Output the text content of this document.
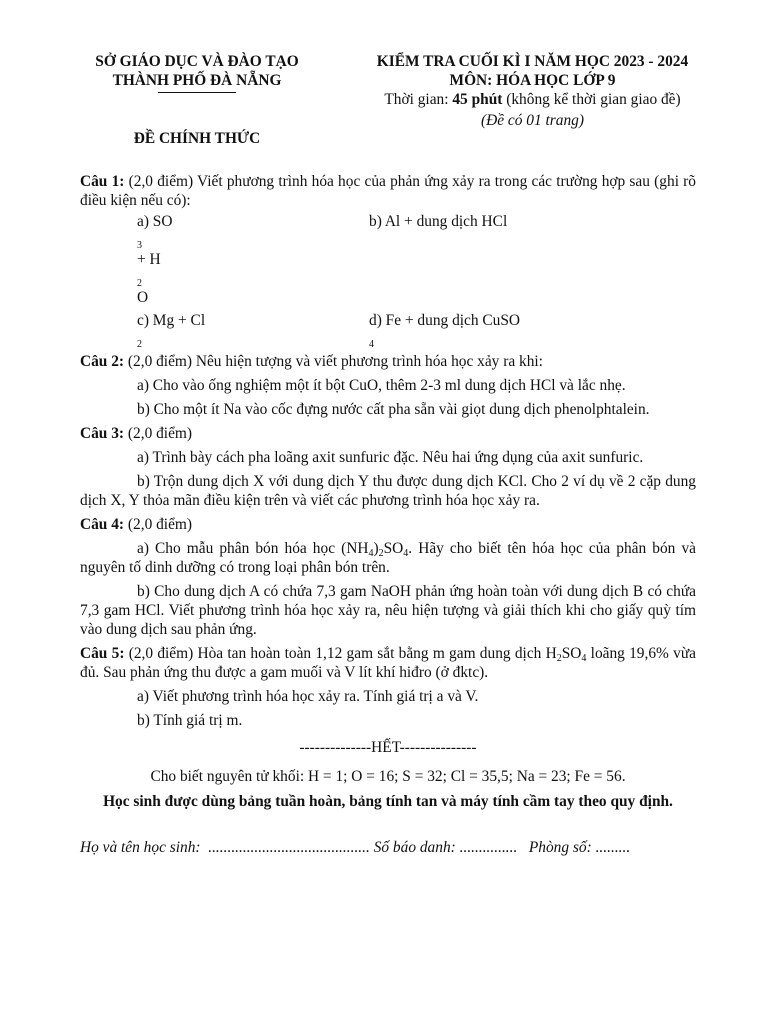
SỞ GIÁO DỤC VÀ ĐÀO TẠO
THÀNH PHỐ ĐÀ NẴNG
ĐỀ CHÍNH THỨC
KIỂM TRA CUỐI KÌ I NĂM HỌC 2023 - 2024
MÔN: HÓA HỌC LỚP 9
Thời gian: 45 phút (không kể thời gian giao đề)
(Đề có 01 trang)

Câu 1: (2,0 điểm) Viết phương trình hóa học của phản ứng xảy ra trong các trường hợp sau (ghi rõ điều kiện nếu có):

a) SO
$_3$
+ H
$_2$
O
b) Al + dung dịch HCl
c) Mg + Cl
$_2$
d) Fe + dung dịch CuSO
$_4$

Câu 2: (2,0 điểm) Nêu hiện tượng và viết phương trình hóa học xảy ra khi:

a) Cho vào ống nghiệm một ít bột CuO, thêm 2-3 ml dung dịch HCl và lắc nhẹ.

b) Cho một ít Na vào cốc đựng nước cất pha sẵn vài giọt dung dịch phenolphtalein.

Câu 3: (2,0 điểm)

a) Trình bày cách pha loãng axit sunfuric đặc. Nêu hai ứng dụng của axit sunfuric.

b) Trộn dung dịch X với dung dịch Y thu được dung dịch KCl. Cho 2 ví dụ về 2 cặp dung dịch X, Y thỏa mãn điều kiện trên và viết các phương trình hóa học xảy ra.

Câu 4: (2,0 điểm)

a) Cho mẫu phân bón hóa học $(NH_4)_2SO_4$. Hãy cho biết tên hóa học của phân bón và nguyên tố dinh dưỡng có trong loại phân bón trên.

b) Cho dung dịch A có chứa 7,3 gam NaOH phản ứng hoàn toàn với dung dịch B có chứa 7,3 gam HCl. Viết phương trình hóa học xảy ra, nêu hiện tượng và giải thích khi cho giấy quỳ tím vào dung dịch sau phản ứng.

Câu 5: (2,0 điểm) Hòa tan hoàn toàn 1,12 gam sắt bằng m gam dung dịch $H_2SO_4$ loãng 19,6% vừa đủ. Sau phản ứng thu được a gam muối và V lít khí hiđro (ở đktc).

a) Viết phương trình hóa học xảy ra. Tính giá trị a và V.

b) Tính giá trị m.

--------------HẾT---------------

Cho biết nguyên tử khối: H = 1; O = 16; S = 32; Cl = 35,5; Na = 23; Fe = 56.

Học sinh được dùng bảng tuần hoàn, bảng tính tan và máy tính cầm tay theo quy định.

Họ và tên học sinh:  .......................................... Số báo danh: ............... Phòng số: .........
